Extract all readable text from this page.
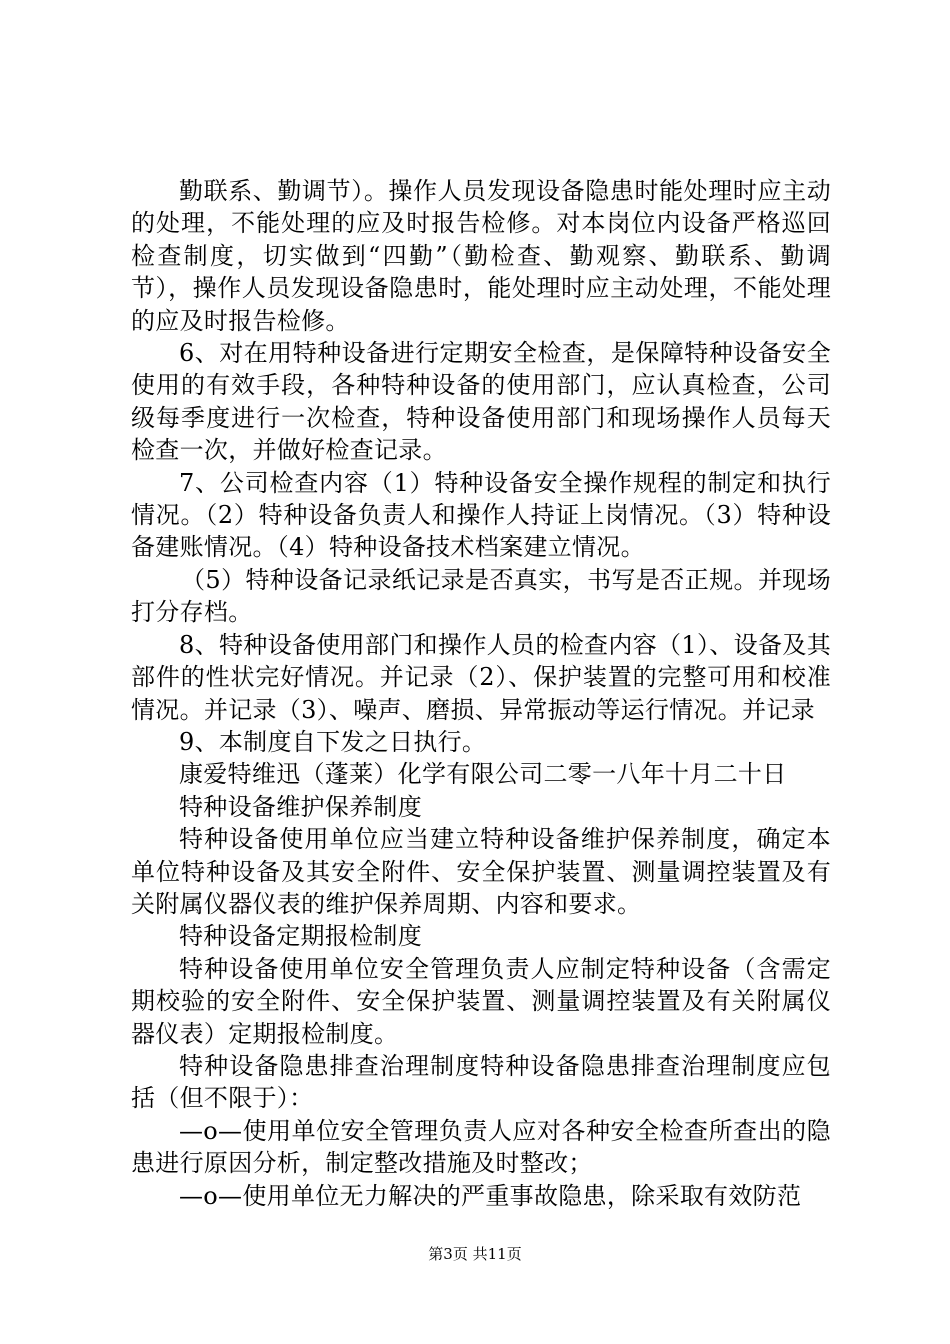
勤联系、勤调节）。操作人员发现设备隐患时能处理时应主动的处理，不能处理的应及时报告检修。对本岗位内设备严格巡回检查制度，切实做到“四勤”（勤检查、勤观察、勤联系、勤调节），操作人员发现设备隐患时，能处理时应主动处理，不能处理的应及时报告检修。

6、对在用特种设备进行定期安全检查，是保障特种设备安全使用的有效手段，各种特种设备的使用部门，应认真检查，公司级每季度进行一次检查，特种设备使用部门和现场操作人员每天检查一次，并做好检查记录。

7、公司检查内容（1）特种设备安全操作规程的制定和执行情况。（2）特种设备负责人和操作人持证上岗情况。（3）特种设备建账情况。（4）特种设备技术档案建立情况。

（5）特种设备记录纸记录是否真实，书写是否正规。并现场打分存档。

8、特种设备使用部门和操作人员的检查内容（1）、设备及其部件的性状完好情况。并记录（2）、保护装置的完整可用和校准情况。并记录（3）、噪声、磨损、异常振动等运行情况。并记录

9、本制度自下发之日执行。

康爱特维迅（蓬莱）化学有限公司二零一八年十月二十日

特种设备维护保养制度

特种设备使用单位应当建立特种设备维护保养制度，确定本单位特种设备及其安全附件、安全保护装置、测量调控装置及有关附属仪器仪表的维护保养周期、内容和要求。

特种设备定期报检制度

特种设备使用单位安全管理负责人应制定特种设备（含需定期校验的安全附件、安全保护装置、测量调控装置及有关附属仪器仪表）定期报检制度。

特种设备隐患排查治理制度特种设备隐患排查治理制度应包括（但不限于）：

—o—使用单位安全管理负责人应对各种安全检查所查出的隐患进行原因分析，制定整改措施及时整改；

—o—使用单位无力解决的严重事故隐患，除采取有效防范

第3页 共11页
